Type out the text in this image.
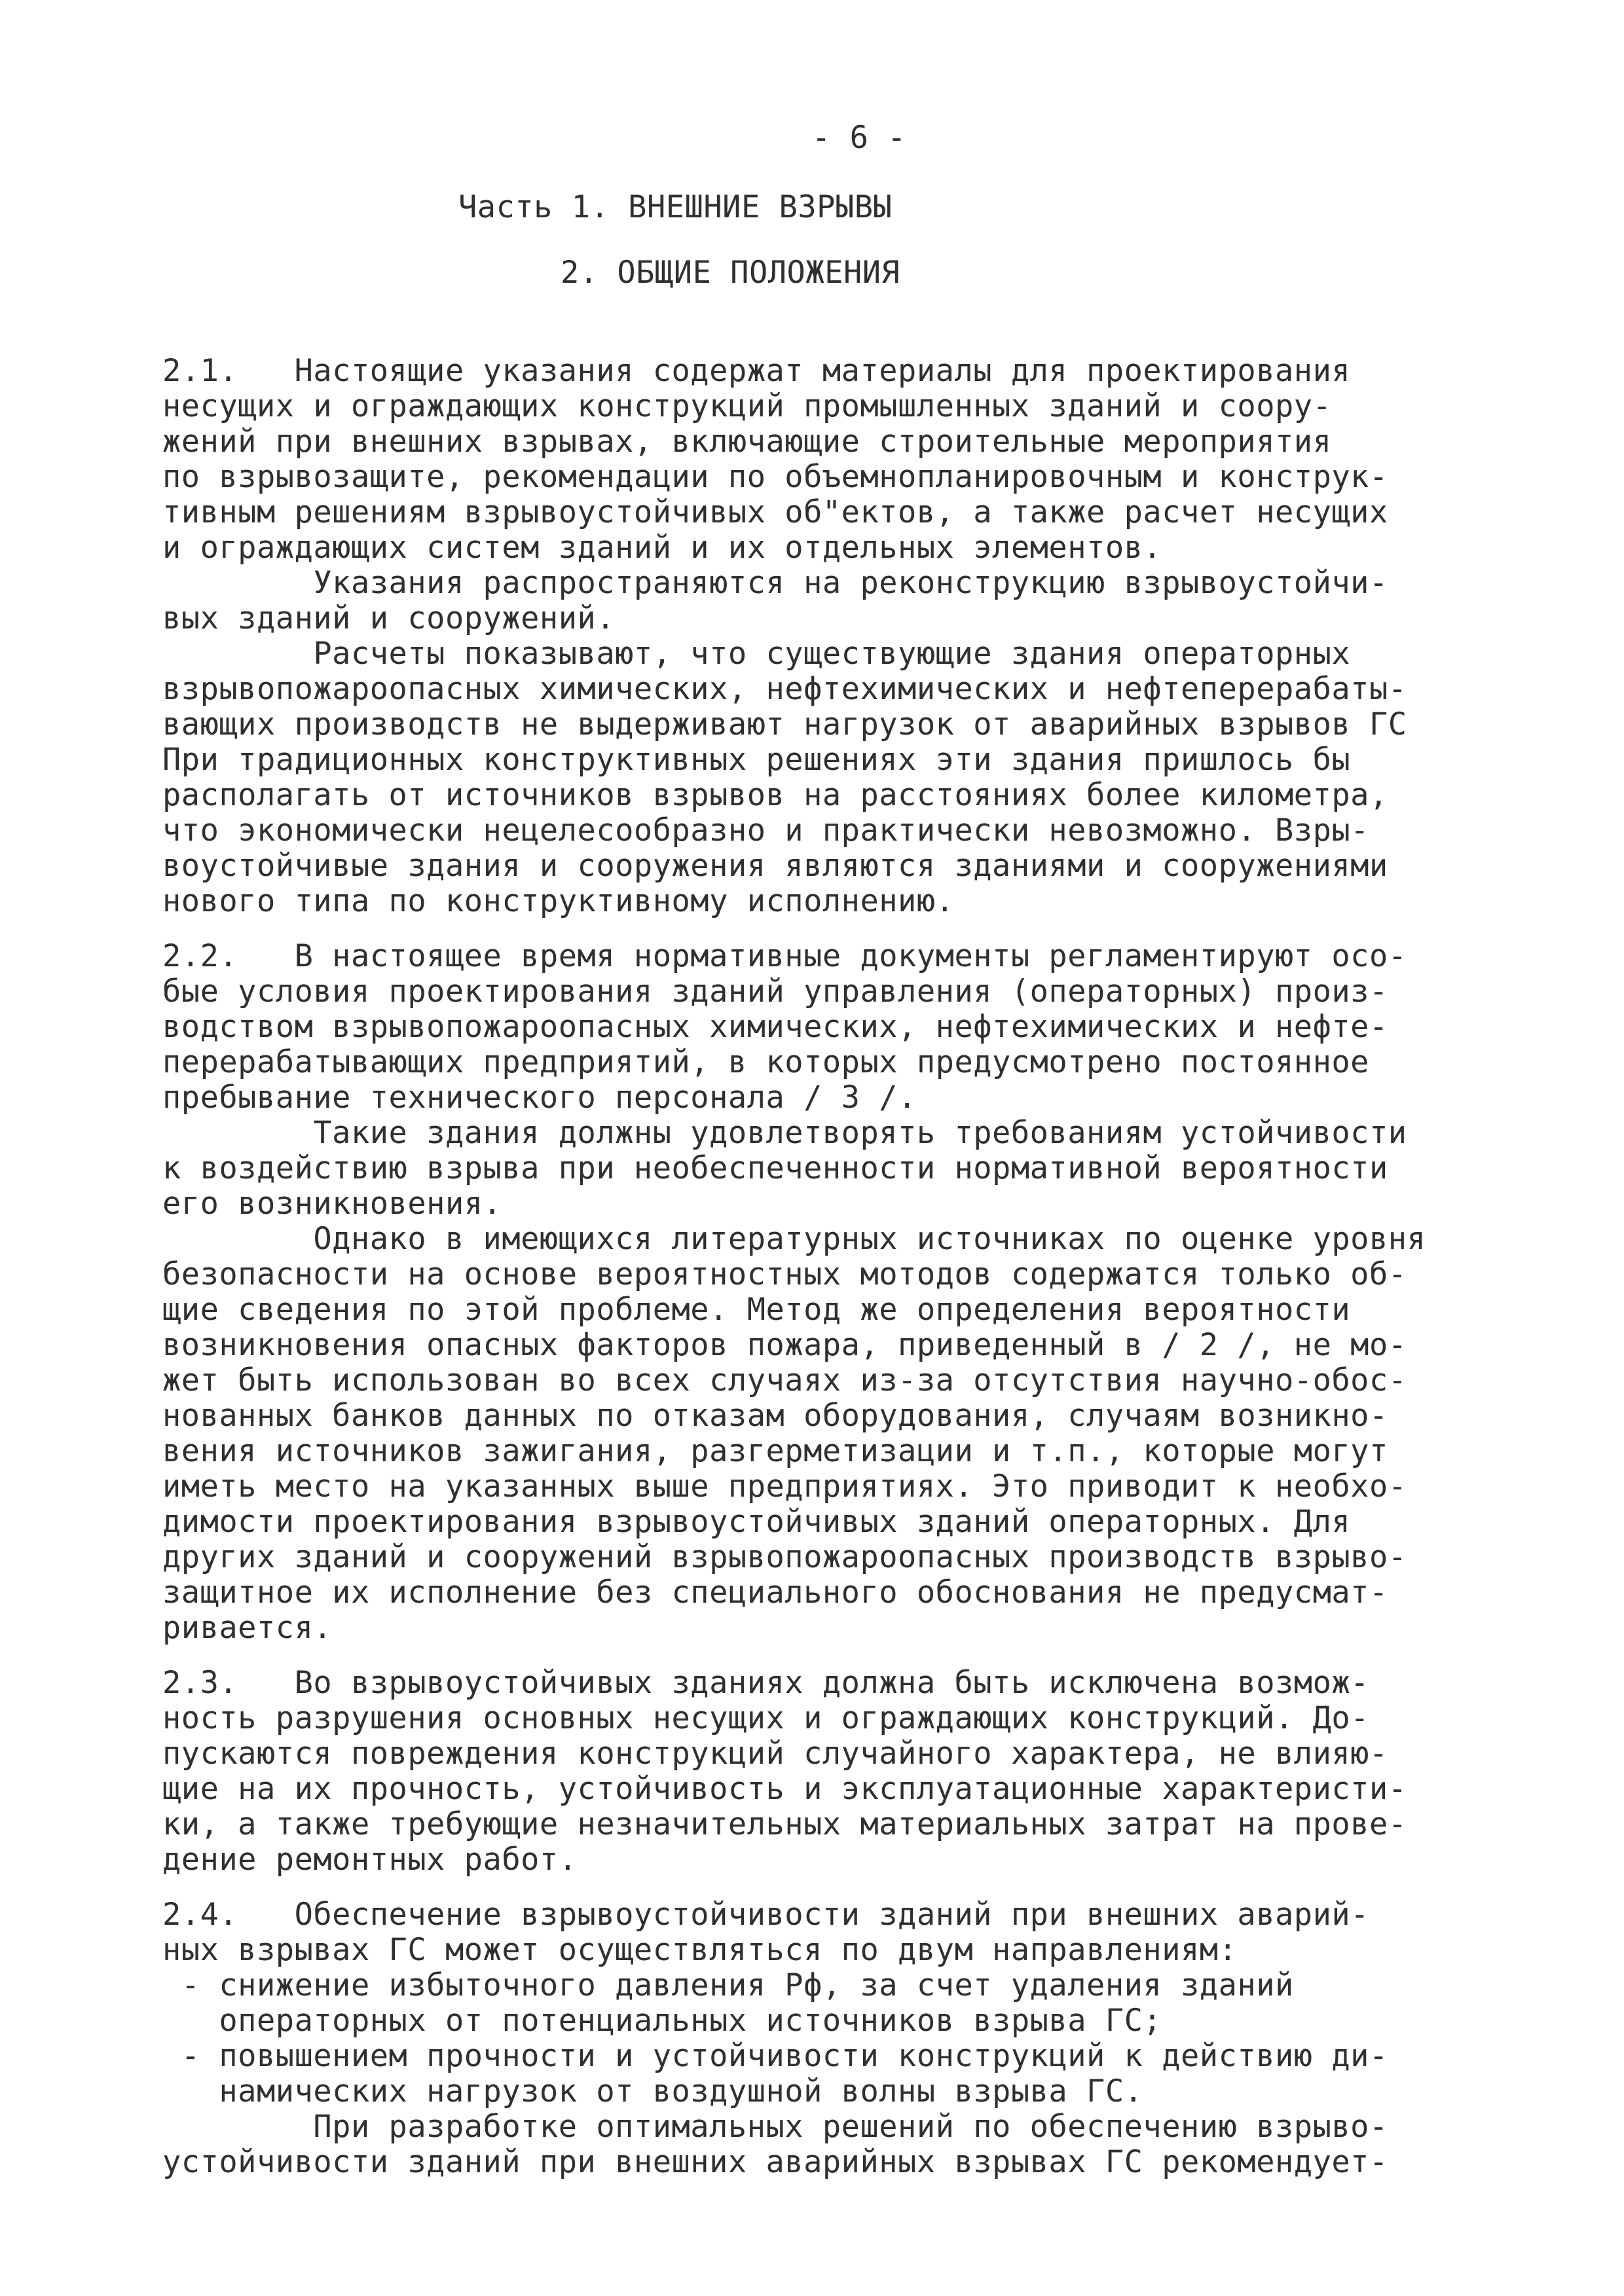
- 6 -
Часть 1. ВНЕШНИЕ ВЗРЫВЫ
2. ОБЩИЕ ПОЛОЖЕНИЯ
2.1.   Настоящие указания содержат материалы для проектирования
несущих и ограждающих конструкций промышленных зданий и соору-
жений при внешних взрывах, включающие строительные мероприятия
по взрывозащите, рекомендации по объемнопланировочным и конструк-
тивным решениям взрывоустойчивых об"ектов, а также расчет несущих
и ограждающих систем зданий и их отдельных элементов.
Указания распространяются на реконструкцию взрывоустойчи-
вых зданий и сооружений.
Расчеты показывают, что существующие здания операторных
взрывопожароопасных химических, нефтехимических и нефтеперерабаты-
вающих производств не выдерживают нагрузок от аварийных взрывов ГС
При традиционных конструктивных решениях эти здания пришлось бы
располагать от источников взрывов на расстояниях более километра,
что экономически нецелесообразно и практически невозможно. Взры-
воустойчивые здания и сооружения являются зданиями и сооружениями
нового типа по конструктивному исполнению.
2.2.   В настоящее время нормативные документы регламентируют осо-
бые условия проектирования зданий управления (операторных) произ-
водством взрывопожароопасных химических, нефтехимических и нефте-
перерабатывающих предприятий, в которых предусмотрено постоянное
пребывание технического персонала / 3 /.
Такие здания должны удовлетворять требованиям устойчивости
к воздействию взрыва при необеспеченности нормативной вероятности
его возникновения.
Однако в имеющихся литературных источниках по оценке уровня
безопасности на основе вероятностных мотодов содержатся только об-
щие сведения по этой проблеме. Метод же определения вероятности
возникновения опасных факторов пожара, приведенный в / 2 /, не мо-
жет быть использован во всех случаях из-за отсутствия научно-обос-
нованных банков данных по отказам оборудования, случаям возникно-
вения источников зажигания, разгерметизации и т.п., которые могут
иметь место на указанных выше предприятиях. Это приводит к необхо-
димости проектирования взрывоустойчивых зданий операторных. Для
других зданий и сооружений взрывопожароопасных производств взрыво-
защитное их исполнение без специального обоснования не предусмат-
ривается.
2.3.   Во взрывоустойчивых зданиях должна быть исключена возмож-
ность разрушения основных несущих и ограждающих конструкций. До-
пускаются повреждения конструкций случайного характера, не влияю-
щие на их прочность, устойчивость и эксплуатационные характеристи-
ки, а также требующие незначительных материальных затрат на прове-
дение ремонтных работ.
2.4.   Обеспечение взрывоустойчивости зданий при внешних аварий-
ных взрывах ГС может осуществляться по двум направлениям:
- снижение избыточного давления Pф, за счет удаления зданий
операторных от потенциальных источников взрыва ГС;
- повышением прочности и устойчивости конструкций к действию ди-
намических нагрузок от воздушной волны взрыва ГС.
При разработке оптимальных решений по обеспечению взрыво-
устойчивости зданий при внешних аварийных взрывах ГС рекомендует-
